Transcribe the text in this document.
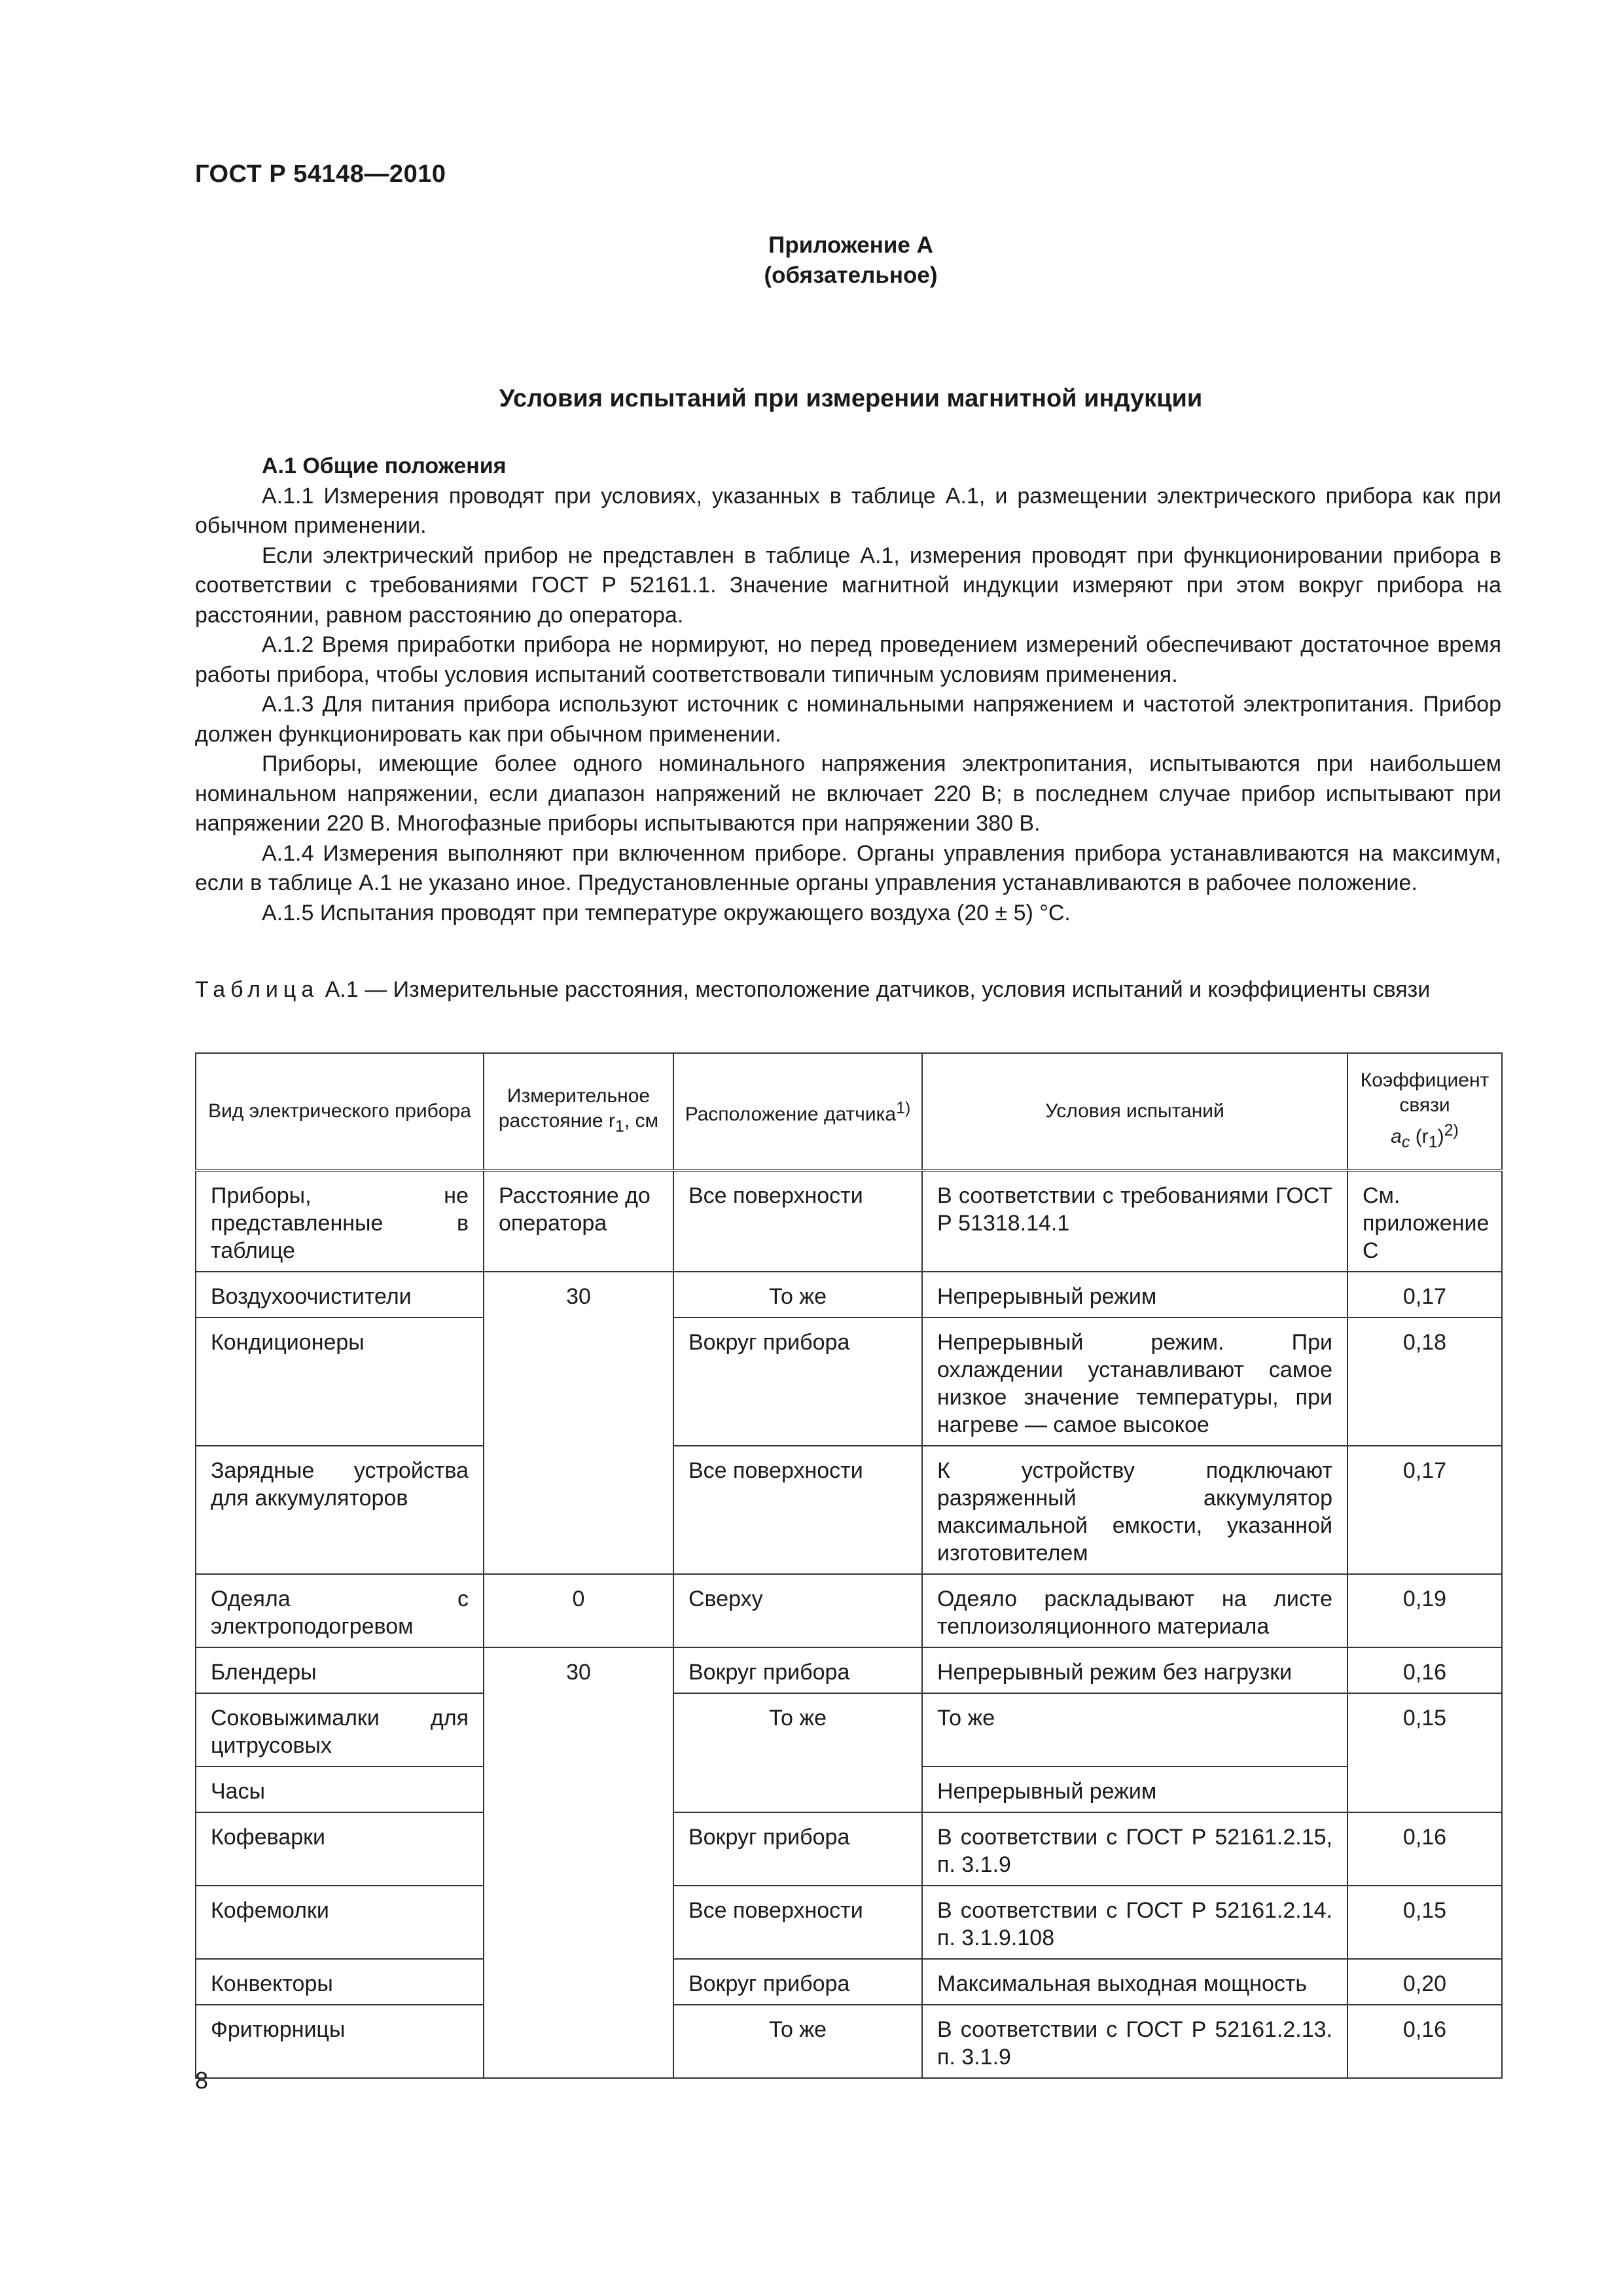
ГОСТ Р 54148—2010
Приложение А
(обязательное)
Условия испытаний при измерении магнитной индукции

А.1 Общие положения

А.1.1 Измерения проводят при условиях, указанных в таблице А.1, и размещении электрического прибора как при обычном применении.

Если электрический прибор не представлен в таблице А.1, измерения проводят при функционировании прибора в соответствии с требованиями ГОСТ Р 52161.1. Значение магнитной индукции измеряют при этом вокруг прибора на расстоянии, равном расстоянию до оператора.

А.1.2 Время приработки прибора не нормируют, но перед проведением измерений обеспечивают достаточное время работы прибора, чтобы условия испытаний соответствовали типичным условиям применения.

А.1.3 Для питания прибора используют источник с номинальными напряжением и частотой электропитания. Прибор должен функционировать как при обычном применении.

Приборы, имеющие более одного номинального напряжения электропитания, испытываются при наибольшем номинальном напряжении, если диапазон напряжений не включает 220 В; в последнем случае прибор испытывают при напряжении 220 В. Многофазные приборы испытываются при напряжении 380 В.

А.1.4 Измерения выполняют при включенном приборе. Органы управления прибора устанавливаются на максимум, если в таблице А.1 не указано иное. Предустановленные органы управления устанавливаются в рабочее положение.

А.1.5 Испытания проводят при температуре окружающего воздуха (20 ± 5) °С.

Таблица А.1 — Измерительные расстояния, местоположение датчиков, условия испытаний и коэффициенты связи
Вид электрического прибора	Измерительное расстояние $r_1$, см	Расположение датчика$^{1)}$	Условия испытаний	Коэффициент связи
$a_c$ $(r_1)^{2)}$
Приборы, не представленные в таблице	Расстояние до оператора	Все поверхности	В соответствии с требованиями ГОСТ Р 51318.14.1	См. приложение С
Воздухоочистители	30	То же	Непрерывный режим	0,17
Кондиционеры		Вокруг прибора	Непрерывный режим. При охлаждении устанавливают самое низкое значение температуры, при нагреве — самое высокое	0,18
Зарядные устройства для аккумуляторов		Все поверхности	К устройству подключают разряженный аккумулятор максимальной емкости, указанной изготовителем	0,17
Одеяла с электроподогревом	0	Сверху	Одеяло раскладывают на листе теплоизоляционного материала	0,19
Блендеры	30	Вокруг прибора	Непрерывный режим без нагрузки	0,16
Соковыжималки для цитрусовых		То же	То же	0,15
Часы			Непрерывный режим	
Кофеварки		Вокруг прибора	В соответствии с ГОСТ Р 52161.2.15, п. 3.1.9	0,16
Кофемолки		Все поверхности	В соответствии с ГОСТ Р 52161.2.14. п. 3.1.9.108	0,15
Конвекторы		Вокруг прибора	Максимальная выходная мощность	0,20
Фритюрницы		То же	В соответствии с ГОСТ Р 52161.2.13. п. 3.1.9	0,16
8
